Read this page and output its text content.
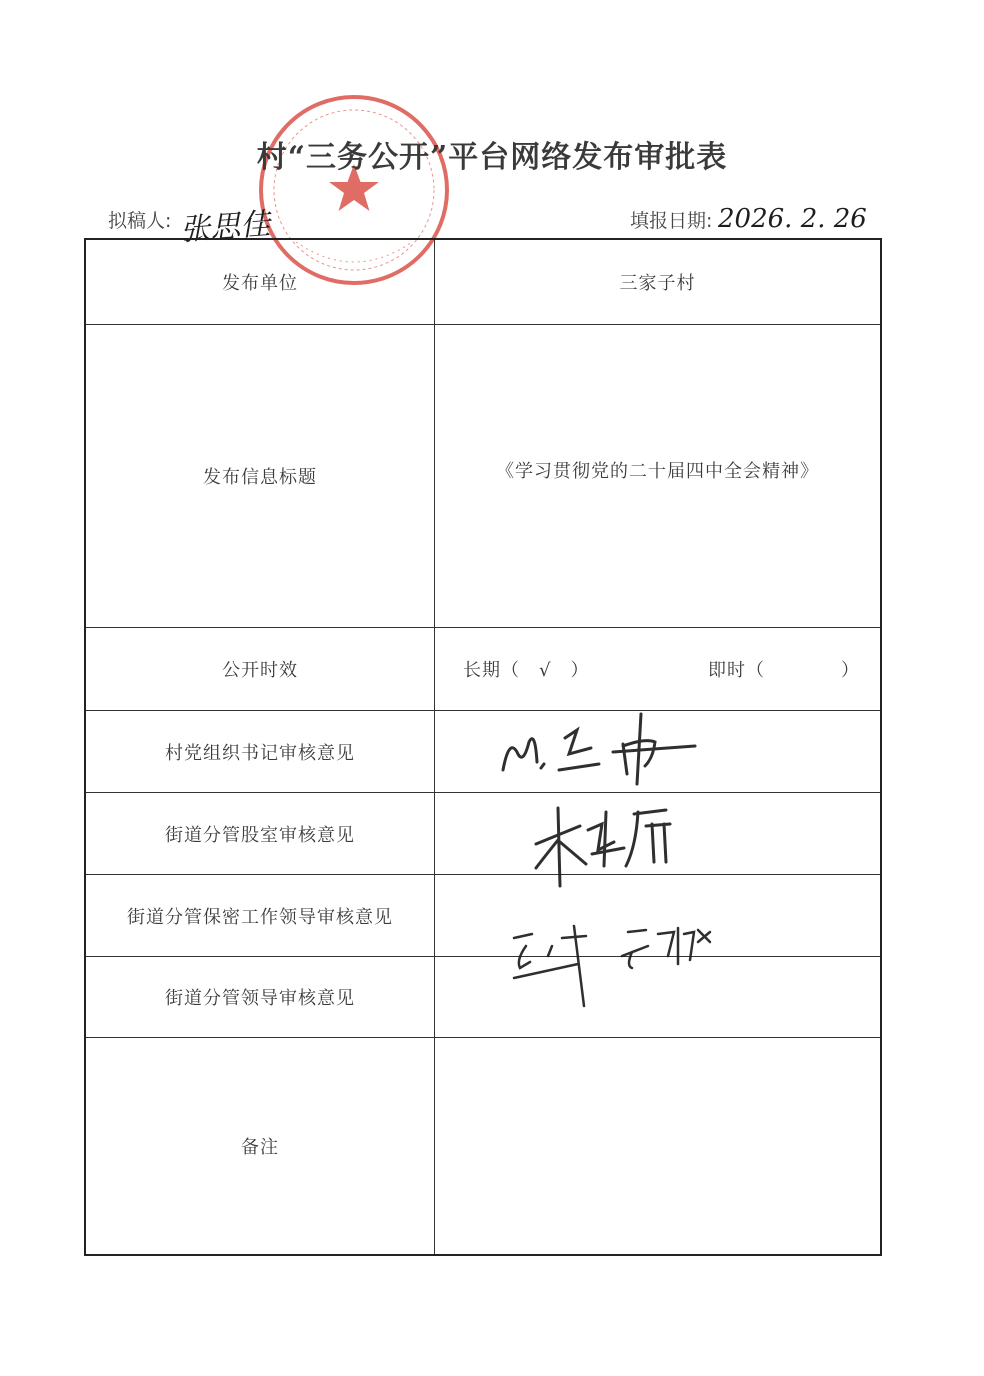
村“三务公开”平台网络发布审批表
拟稿人: 张思佳	填报日期: 2026. 2. 26
发布单位	三家子村
发布信息标题	《学习贯彻党的二十届四中全会精神》

公开时效	长期（　√　） 即时（　　　　）

村党组织书记审核意见	
街道分管股室审核意见	
街道分管保密工作领导审核意见	
街道分管领导审核意见	
备注	
